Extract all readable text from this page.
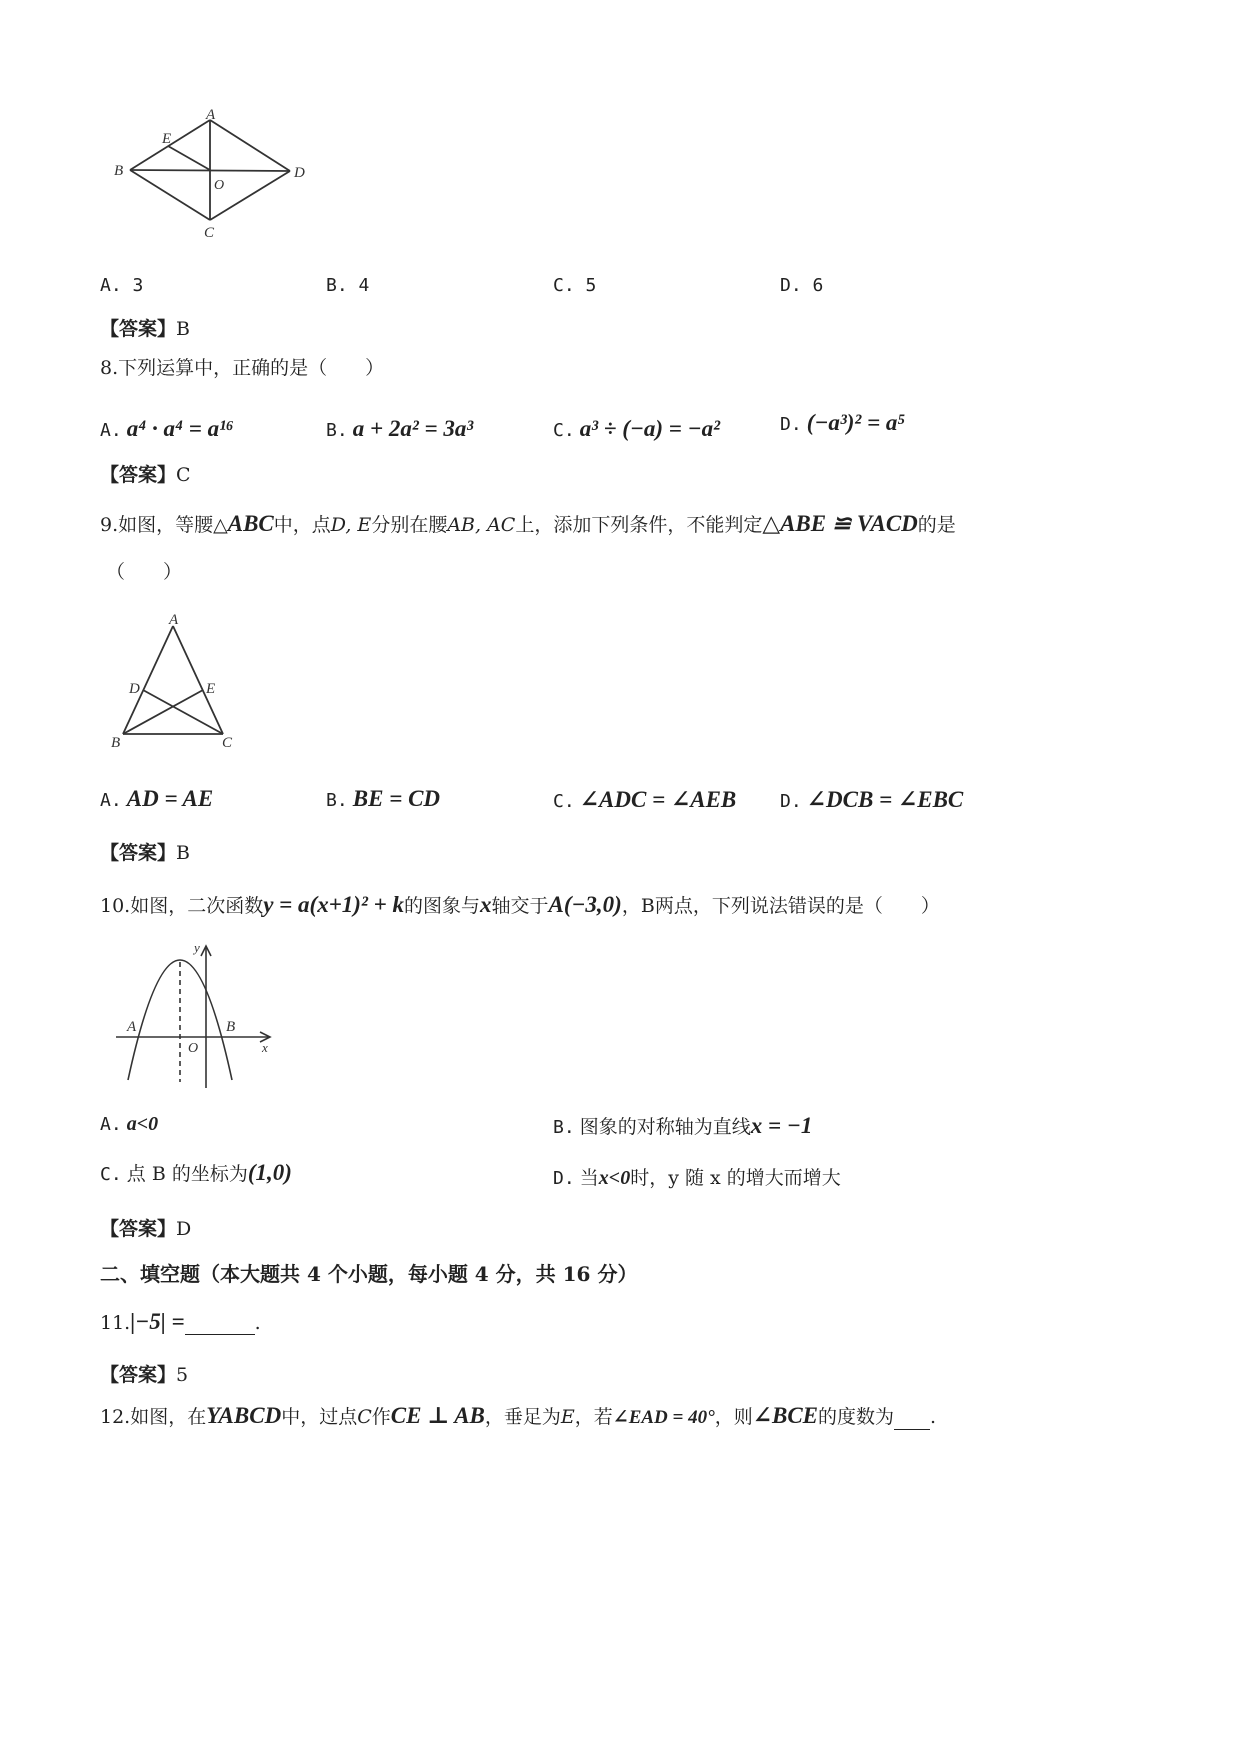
A
E
B
O
D
C
A. 3	B. 4	C. 5	D. 6
【答案】B
8.下列运算中，正确的是（　　）
A. a⁴ · a⁴ = a¹⁶	B. a + 2a² = 3a³	C. a³ ÷ (−a) = −a²	D. (−a³)² = a⁵
【答案】C
9.如图，等腰△ABC中，点D, E分别在腰AB, AC上，添加下列条件，不能判定△ABE ≌ VACD的是
（　　）
A
D	E
B	C
A. AD = AE	B. BE = CD	C. ∠ADC = ∠AEB D. ∠DCB = ∠EBC
【答案】B
10.如图，二次函数y = a(x+1)² + k的图象与x轴交于A(−3,0)，B两点，下列说法错误的是（　　）
y
A	B
O	x
A. a<0	B. 图象的对称轴为直线x = −1
C. 点 B 的坐标为(1,0)	D. 当x<0时，y 随 x 的增大而增大
【答案】D
二、填空题（本大题共 4 个小题，每小题 4 分，共 16 分）
11.|−5| =	.
【答案】5
12.如图，在YABCD中，过点C作CE ⊥ AB，垂足为E，若∠EAD = 40°，则∠BCE的度数为 .
